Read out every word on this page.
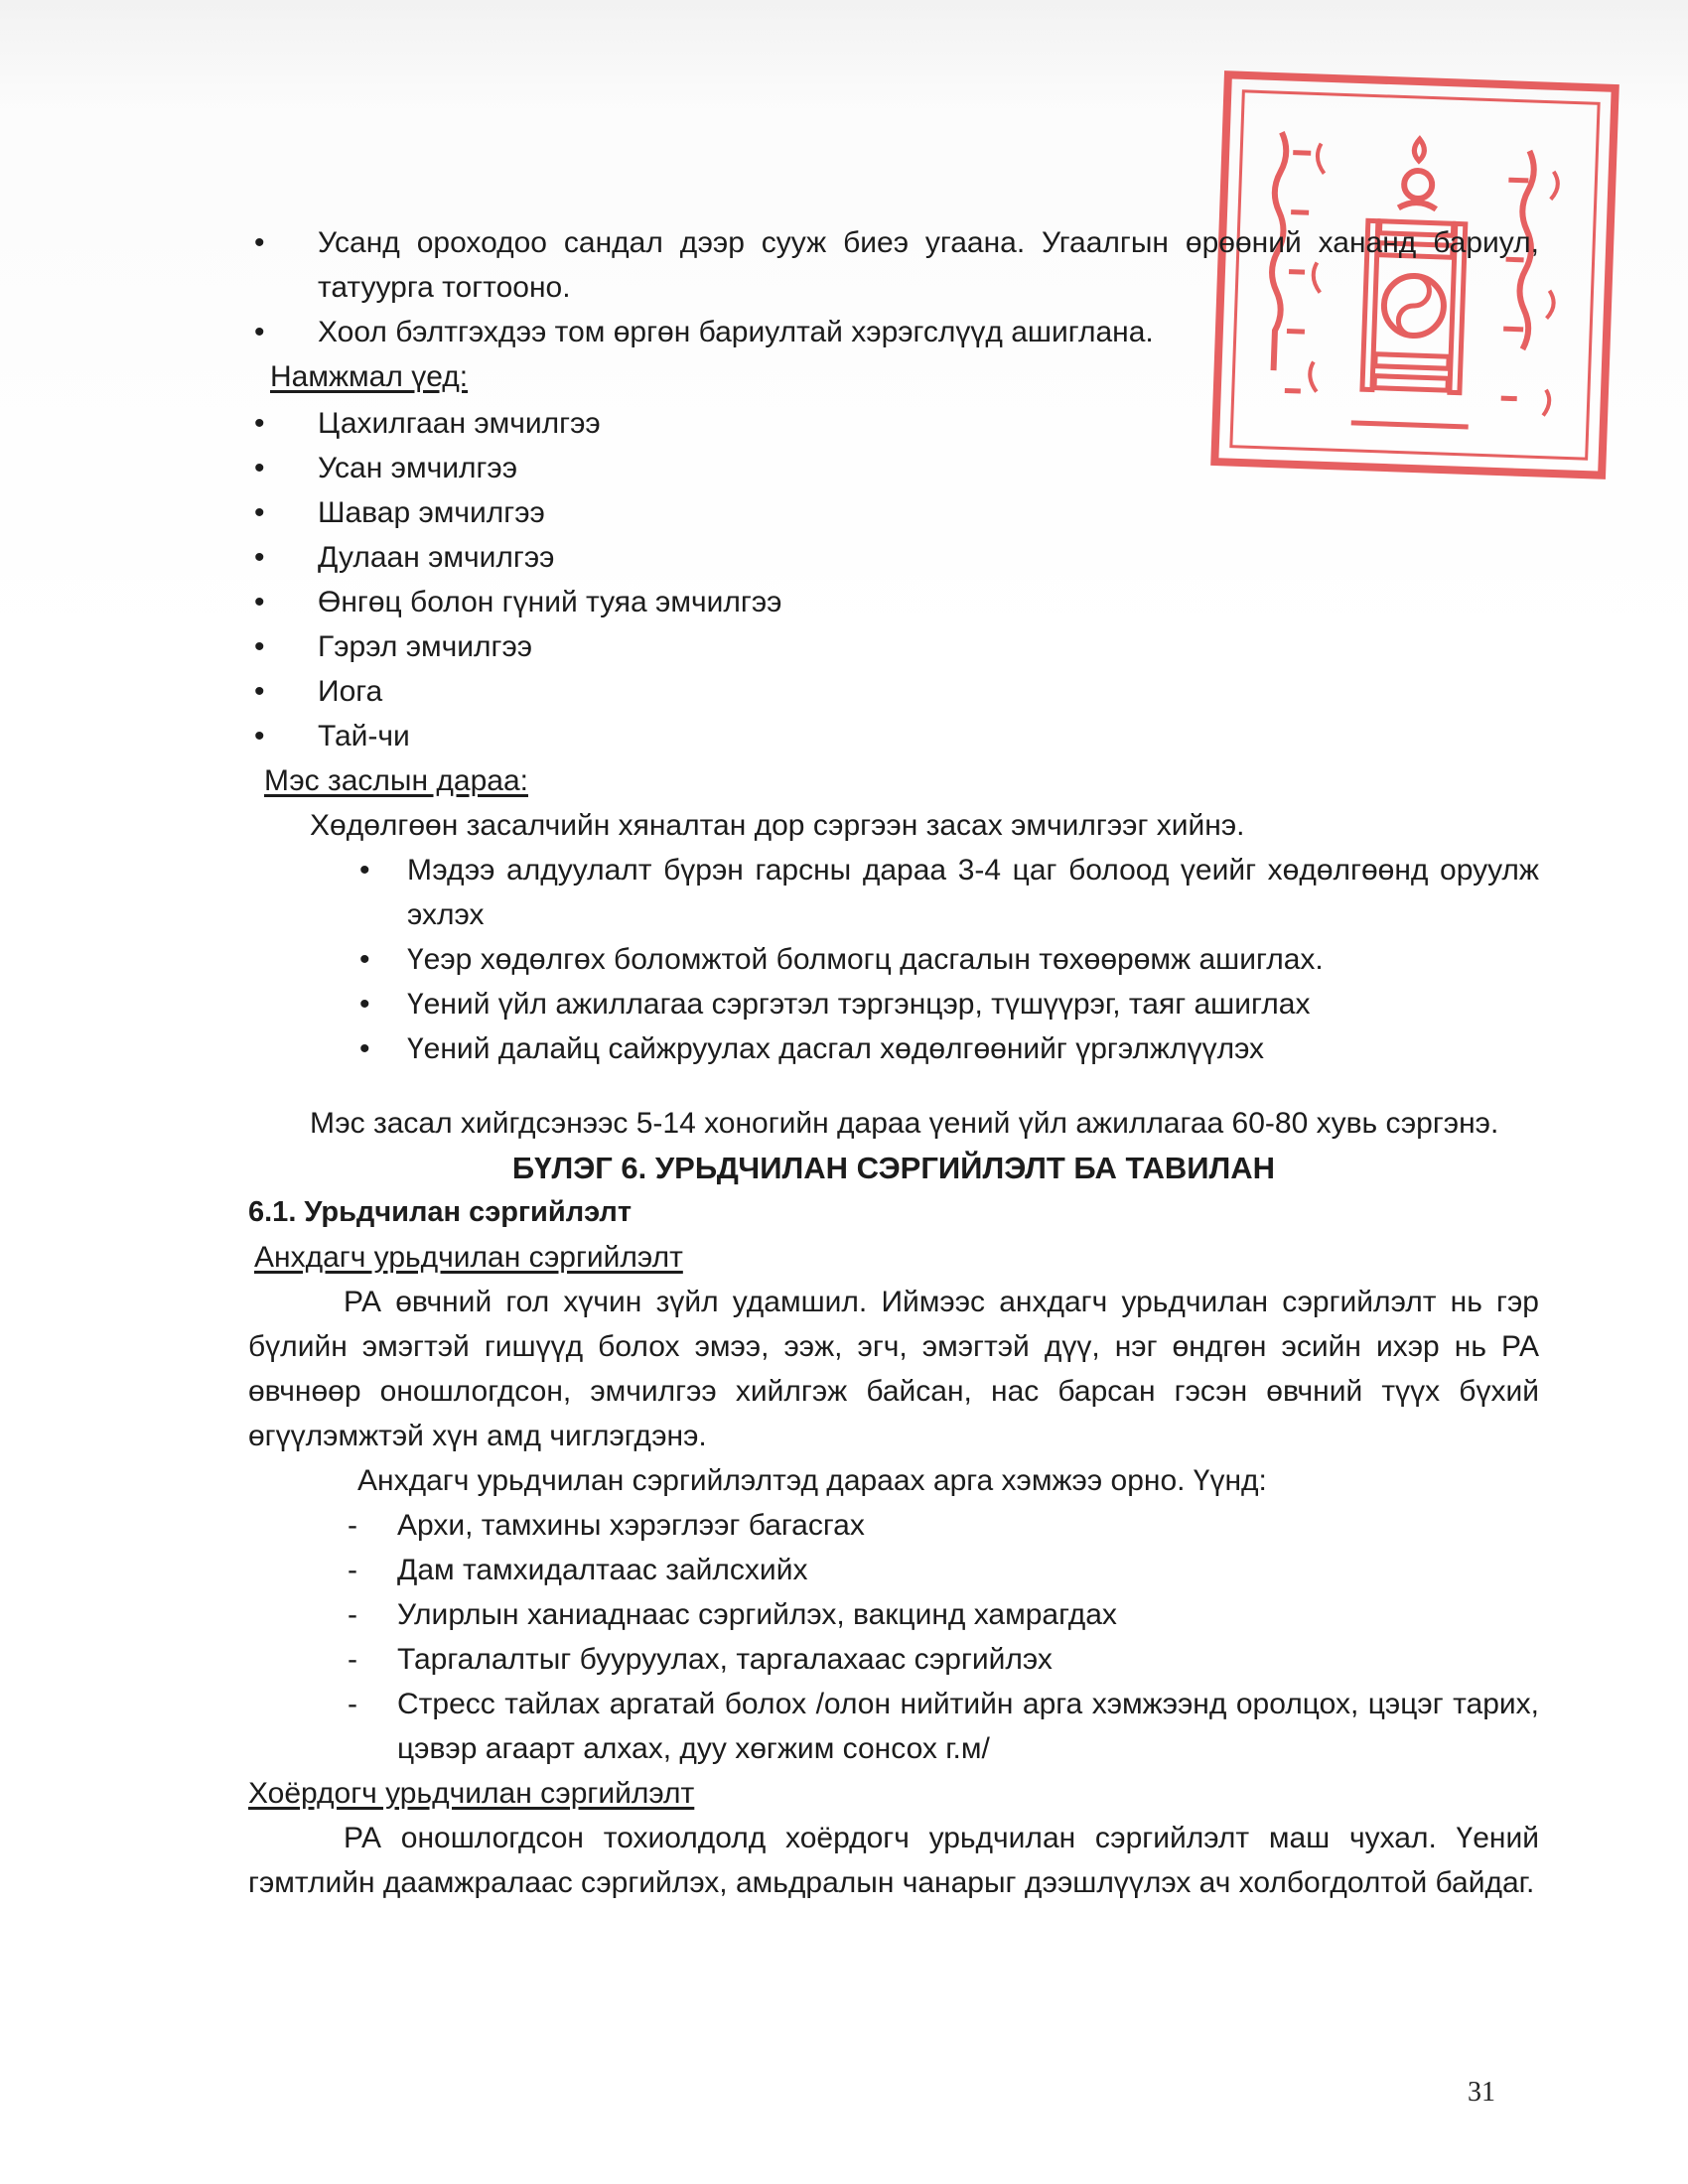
• Усанд ороходоо сандал дээр сууж биеэ угаана. Угаалгын өрөөний хананд бариул, татуурга тогтооно.
• Хоол бэлтгэхдээ том өргөн бариултай хэрэгслүүд ашиглана.

Намжмал үед:

• Цахилгаан эмчилгээ
• Усан эмчилгээ
• Шавар эмчилгээ
• Дулаан эмчилгээ
• Өнгөц болон гүний туяа эмчилгээ
• Гэрэл эмчилгээ
• Иога
• Тай-чи

Мэс заслын дараа:

Хөдөлгөөн засалчийн хяналтан дор сэргээн засах эмчилгээг хийнэ.

• Мэдээ алдуулалт бүрэн гарсны дараа 3-4 цаг болоод үеийг хөдөлгөөнд оруулж эхлэх
• Үеэр хөдөлгөх боломжтой болмогц дасгалын төхөөрөмж ашиглах.
• Үений үйл ажиллагаа сэргэтэл тэргэнцэр, түшүүрэг, таяг ашиглах
• Үений далайц сайжруулах дасгал хөдөлгөөнийг үргэлжлүүлэх

Мэс засал хийгдсэнээс 5-14 хоногийн дараа үений үйл ажиллагаа 60-80 хувь сэргэнэ.

БҮЛЭГ 6. УРЬДЧИЛАН СЭРГИЙЛЭЛТ БА ТАВИЛАН

6.1. Урьдчилан сэргийлэлт

Анхдагч урьдчилан сэргийлэлт

РА өвчний гол хүчин зүйл удамшил. Иймээс анхдагч урьдчилан сэргийлэлт нь гэр бүлийн эмэгтэй гишүүд болох эмээ, ээж, эгч, эмэгтэй дүү, нэг өндгөн эсийн ихэр нь РА өвчнөөр оношлогдсон, эмчилгээ хийлгэж байсан, нас барсан гэсэн өвчний түүх бүхий өгүүлэмжтэй хүн амд чиглэгдэнэ.

Анхдагч урьдчилан сэргийлэлтэд дараах арга хэмжээ орно. Үүнд:

- Архи, тамхины хэрэглээг багасгах
- Дам тамхидалтаас зайлсхийх
- Улирлын ханиаднаас сэргийлэх, вакцинд хамрагдах
- Таргалалтыг бууруулах, таргалахаас сэргийлэх
- Стресс тайлах аргатай болох /олон нийтийн арга хэмжээнд оролцох, цэцэг тарих, цэвэр агаарт алхах, дуу хөгжим сонсох г.м/

Хоёрдогч урьдчилан сэргийлэлт

РА оношлогдсон тохиолдолд хоёрдогч урьдчилан сэргийлэлт маш чухал. Үений гэмтлийн даамжралаас сэргийлэх, амьдралын чанарыг дээшлүүлэх ач холбогдолтой байдаг.

31
